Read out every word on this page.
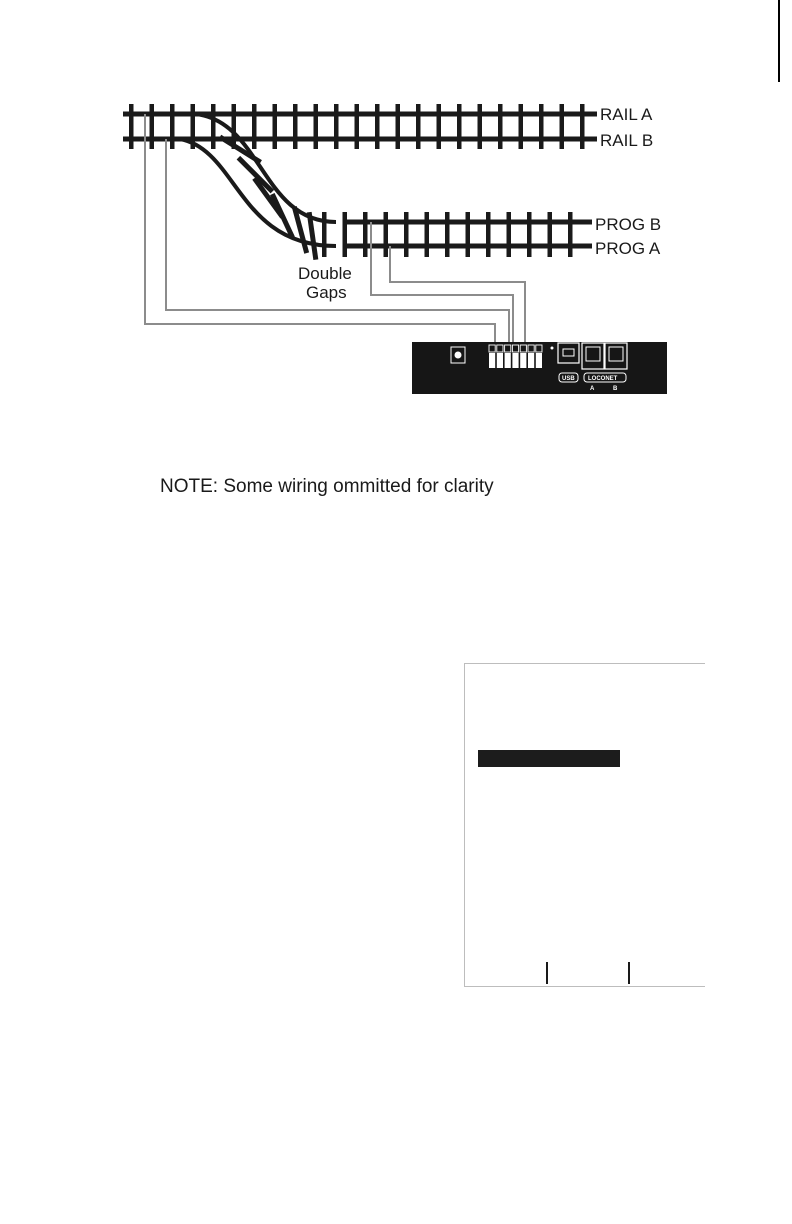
RAIL A
RAIL B
PROG B
PROG A
Double
Gaps
USB LOCONET
A	B
NOTE: Some wiring ommitted for clarity
